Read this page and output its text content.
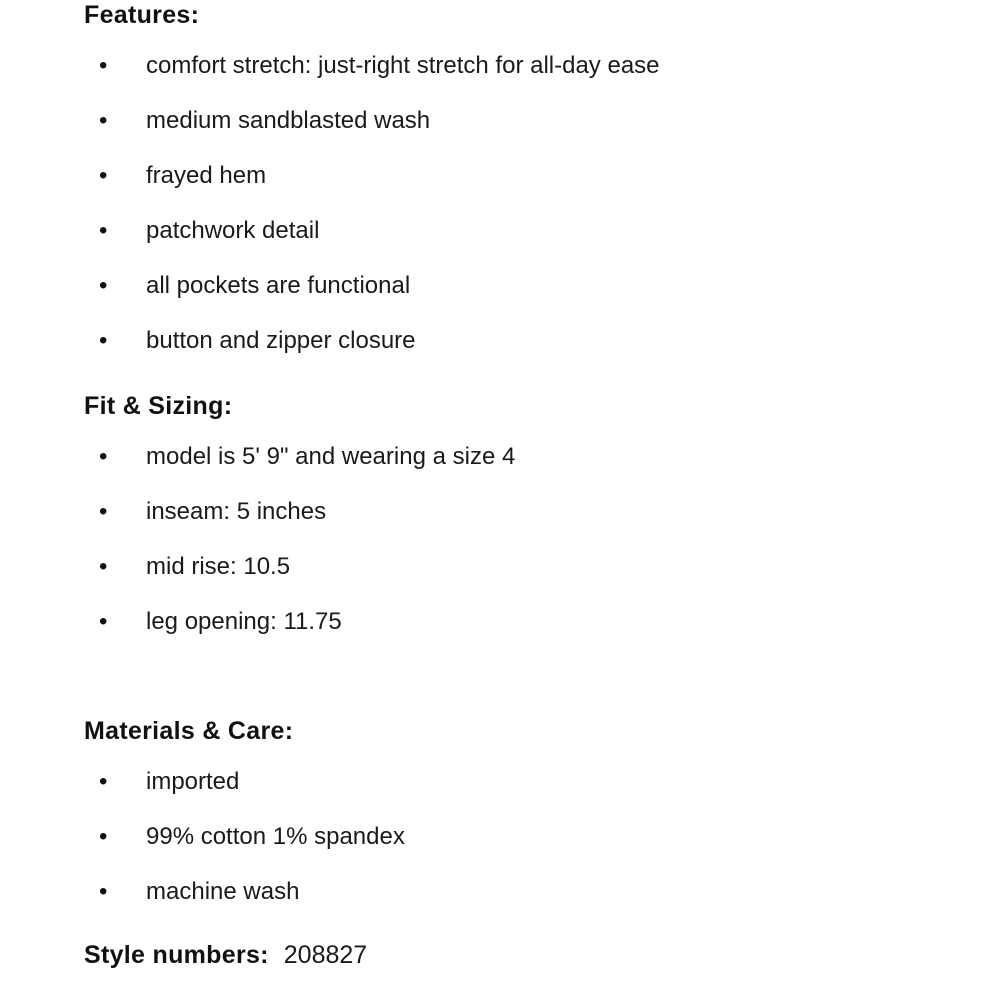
Features:
•	comfort stretch: just-right stretch for all-day ease
•	medium sandblasted wash
•	frayed hem
•	patchwork detail
•	all pockets are functional
•	button and zipper closure
Fit & Sizing:
•	model is 5' 9" and wearing a size 4
•	inseam: 5 inches
•	mid rise: 10.5
•	leg opening: 11.75
Materials & Care:
•	imported
•	99% cotton 1% spandex
•	machine wash

Style numbers: 208827
